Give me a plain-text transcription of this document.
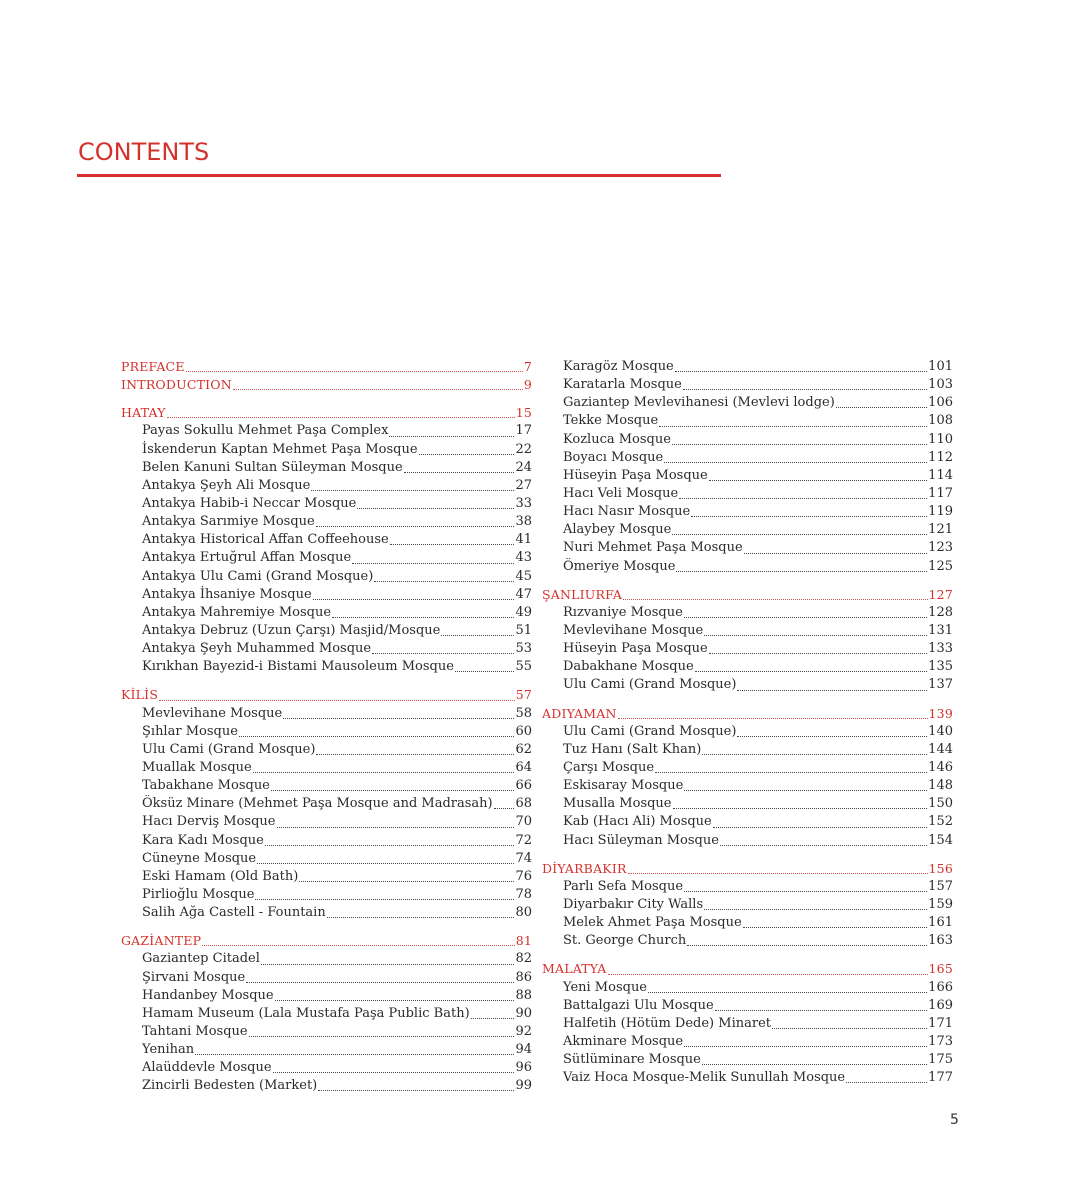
CONTENTS
PREFACE	7
INTRODUCTION	9
HATAY	15
Payas Sokullu Mehmet Paşa Complex	17
İskenderun Kaptan Mehmet Paşa Mosque	22
Belen Kanuni Sultan Süleyman Mosque	24
Antakya Şeyh Ali Mosque	27
Antakya Habib-i Neccar Mosque	33
Antakya Sarımiye Mosque	38
Antakya Historical Affan Coffeehouse	41
Antakya Ertuğrul Affan Mosque	43
Antakya Ulu Cami (Grand Mosque)	45
Antakya İhsaniye Mosque	47
Antakya Mahremiye Mosque	49
Antakya Debruz (Uzun Çarşı) Masjid/Mosque	51
Antakya Şeyh Muhammed Mosque	53
Kırıkhan Bayezid-i Bistami Mausoleum Mosque	55
KİLİS	57
Mevlevihane Mosque	58
Şıhlar Mosque	60
Ulu Cami (Grand Mosque)	62
Muallak Mosque	64
Tabakhane Mosque	66
Öksüz Minare (Mehmet Paşa Mosque and Madrasah) 68
Hacı Derviş Mosque	70
Kara Kadı Mosque	72
Cüneyne Mosque	74
Eski Hamam (Old Bath)	76
Pirlioğlu Mosque	78
Salih Ağa Castell - Fountain	80
GAZİANTEP	81
Gaziantep Citadel	82
Şirvani Mosque	86
Handanbey Mosque	88
Hamam Museum (Lala Mustafa Paşa Public Bath)	90
Tahtani Mosque	92
Yenihan	94
Alaüddevle Mosque	96
Zincirli Bedesten (Market)	99
Karagöz Mosque	101
Karatarla Mosque	103
Gaziantep Mevlevihanesi (Mevlevi lodge)	106
Tekke Mosque	108
Kozluca Mosque	110
Boyacı Mosque	112
Hüseyin Paşa Mosque	114
Hacı Veli Mosque	117
Hacı Nasır Mosque	119
Alaybey Mosque	121
Nuri Mehmet Paşa Mosque	123
Ömeriye Mosque	125
ŞANLIURFA	127
Rızvaniye Mosque	128
Mevlevihane Mosque	131
Hüseyin Paşa Mosque	133
Dabakhane Mosque	135
Ulu Cami (Grand Mosque)	137
ADIYAMAN	139
Ulu Cami (Grand Mosque)	140
Tuz Hanı (Salt Khan)	144
Çarşı Mosque	146
Eskisaray Mosque	148
Musalla Mosque	150
Kab (Hacı Ali) Mosque	152
Hacı Süleyman Mosque	154
DİYARBAKIR	156
Parlı Sefa Mosque	157
Diyarbakır City Walls	159
Melek Ahmet Paşa Mosque	161
St. George Church	163
MALATYA	165
Yeni Mosque	166
Battalgazi Ulu Mosque	169
Halfetih (Hötüm Dede) Minaret	171
Akminare Mosque	173
Sütlüminare Mosque	175
Vaiz Hoca Mosque-Melik Sunullah Mosque	177
5
